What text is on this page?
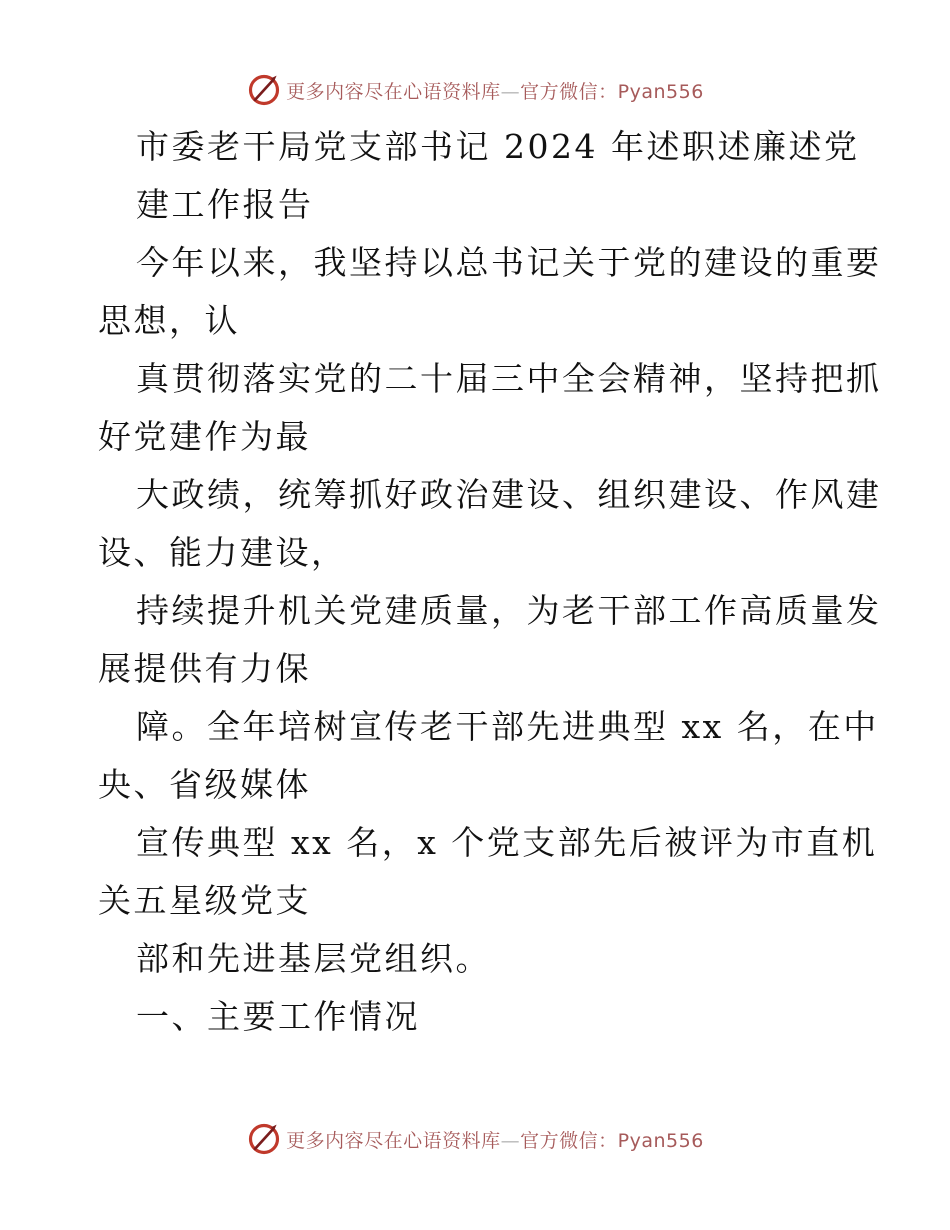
更多内容尽在心语资料库—官方微信：Pyan556
市委老干局党支部书记 2024 年述职述廉述党
建工作报告
今年以来，我坚持以总书记关于党的建设的重要
思想，认
真贯彻落实党的二十届三中全会精神，坚持把抓
好党建作为最
大政绩，统筹抓好政治建设、组织建设、作风建
设、能力建设，
持续提升机关党建质量，为老干部工作高质量发
展提供有力保
障。全年培树宣传老干部先进典型 xx 名，在中
央、省级媒体
宣传典型 xx 名，x 个党支部先后被评为市直机
关五星级党支
部和先进基层党组织。
一、主要工作情况
更多内容尽在心语资料库—官方微信：Pyan556
